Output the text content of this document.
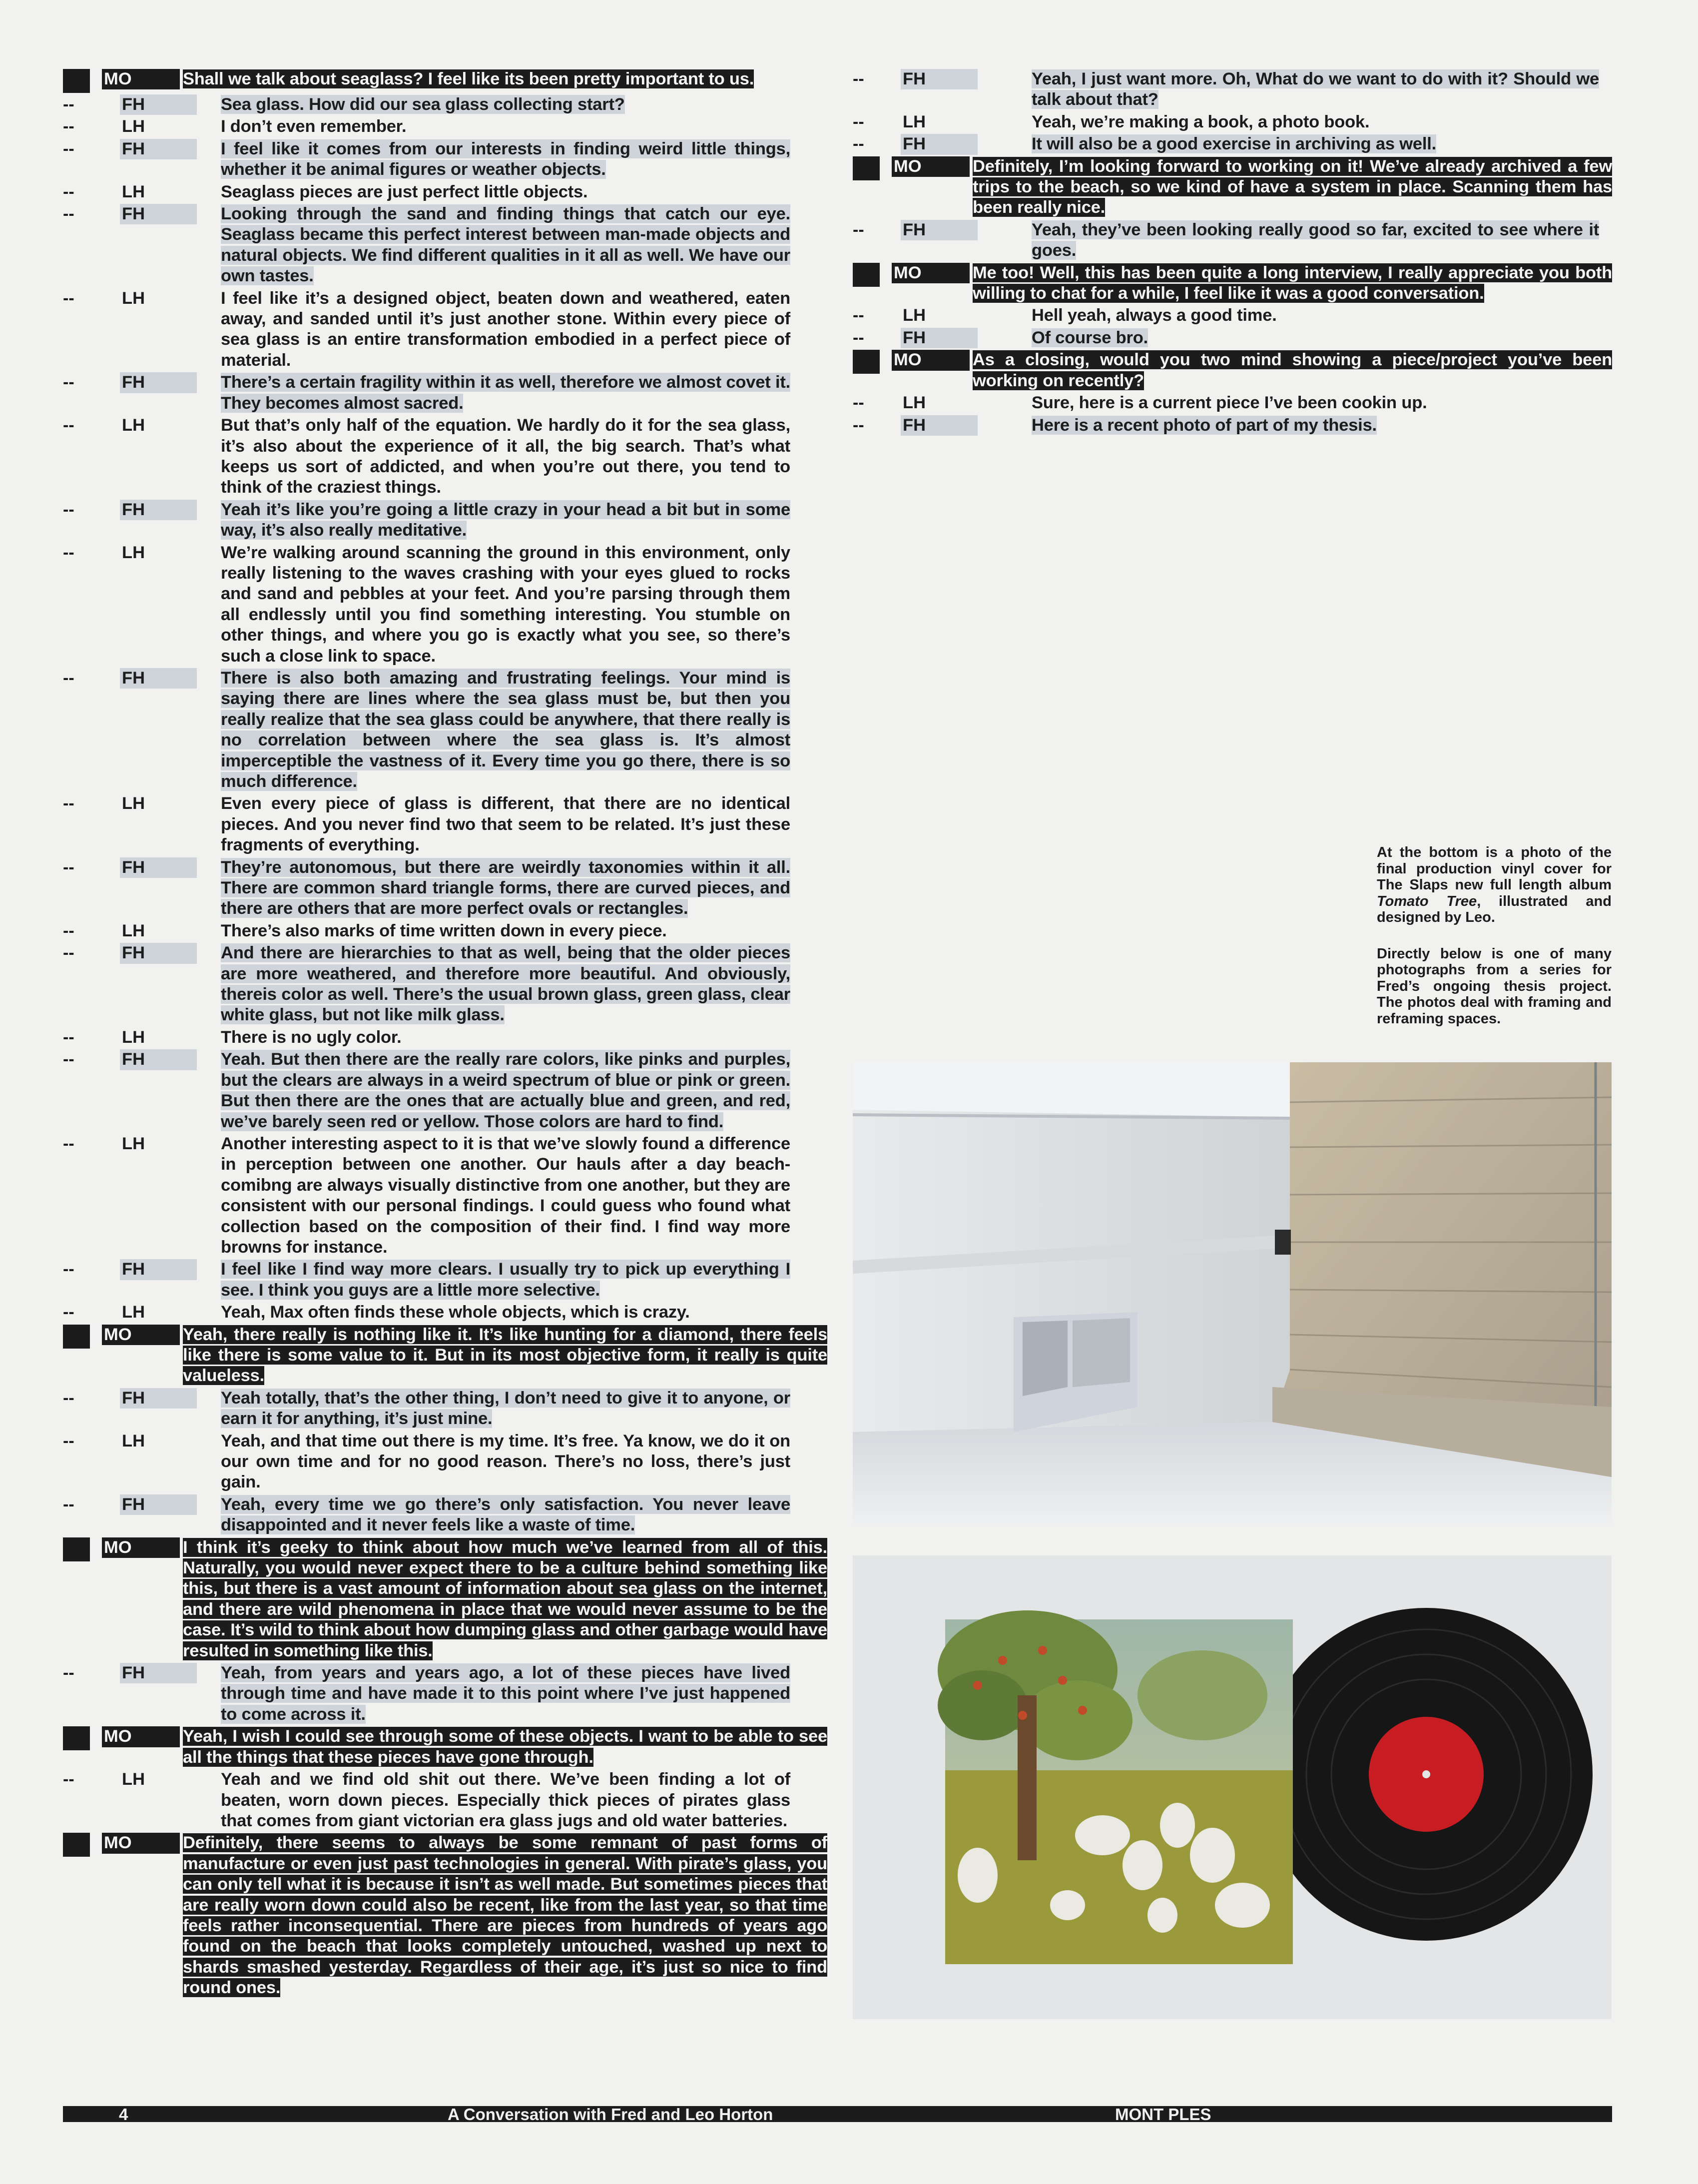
MO	Shall we talk about seaglass? I feel like its been pretty important to us.
--	FH	Sea glass. How did our sea glass collecting start?
--	LH	I don’t even remember.
--	FH	I feel like it comes from our interests in finding weird little things, whether it be animal figures or weather objects.
--	LH	Seaglass pieces are just perfect little objects.
--	FH	Looking through the sand and finding things that catch our eye. Seaglass became this perfect interest between man-made objects and natural objects. We find different qualities in it all as well. We have our own tastes.
--	LH	I feel like it’s a designed object, beaten down and weathered, eaten away, and sanded until it’s just another stone. Within every piece of sea glass is an entire transformation embodied in a perfect piece of material.
--	FH	There’s a certain fragility within it as well, therefore we almost covet it. They becomes almost sacred.
--	LH	But that’s only half of the equation. We hardly do it for the sea glass, it’s also about the experience of it all, the big search. That’s what keeps us sort of addicted, and when you’re out there, you tend to think of the craziest things.
--	FH	Yeah it’s like you’re going a little crazy in your head a bit but in some way, it’s also really meditative.
--	LH	We’re walking around scanning the ground in this environment, only really listening to the waves crashing with your eyes glued to rocks and sand and pebbles at your feet. And you’re parsing through them all endlessly until you find something interesting. You stumble on other things, and where you go is exactly what you see, so there’s such a close link to space.
--	FH	There is also both amazing and frustrating feelings. Your mind is saying there are lines where the sea glass must be, but then you really realize that the sea glass could be anywhere, that there really is no correlation between where the sea glass is. It’s almost imperceptible the vastness of it. Every time you go there, there is so much difference.
--	LH	Even every piece of glass is different, that there are no identical pieces. And you never find two that seem to be related. It’s just these fragments of everything.
--	FH	They’re autonomous, but there are weirdly taxonomies within it all. There are common shard triangle forms, there are curved pieces, and there are others that are more perfect ovals or rectangles.
--	LH	There’s also marks of time written down in every piece.
--	FH	And there are hierarchies to that as well, being that the older pieces are more weathered, and therefore more beautiful. And obviously, thereis color as well. There’s the usual brown glass, green glass, clear white glass, but not like milk glass.
--	LH	There is no ugly color.
--	FH	Yeah. But then there are the really rare colors, like pinks and purples, but the clears are always in a weird spectrum of blue or pink or green. But then there are the ones that are actually blue and green, and red, we’ve barely seen red or yellow. Those colors are hard to find.
--	LH	Another interesting aspect to it is that we’ve slowly found a difference in perception between one another. Our hauls after a day beach-comibng are always visually distinctive from one another, but they are consistent with our personal findings. I could guess who found what collection based on the composition of their find. I find way more browns for instance.
--	FH	I feel like I find way more clears. I usually try to pick up everything I see. I think you guys are a little more selective.
--	LH	Yeah, Max often finds these whole objects, which is crazy.
MO	Yeah, there really is nothing like it. It’s like hunting for a diamond, there feels like there is some value to it. But in its most objective form, it really is quite valueless.
--	FH	Yeah totally, that’s the other thing, I don’t need to give it to anyone, or earn it for anything, it’s just mine.
--	LH	Yeah, and that time out there is my time. It’s free. Ya know, we do it on our own time and for no good reason. There’s no loss, there’s just gain.
--	FH	Yeah, every time we go there’s only satisfaction. You never leave disappointed and it never feels like a waste of time.
MO	I think it’s geeky to think about how much we’ve learned from all of this. Naturally, you would never expect there to be a culture behind something like this, but there is a vast amount of information about sea glass on the internet, and there are wild phenomena in place that we would never assume to be the case. It’s wild to think about how dumping glass and other garbage would have resulted in something like this.
--	FH	Yeah, from years and years ago, a lot of these pieces have lived through time and have made it to this point where I’ve just happened to come across it.
MO	Yeah, I wish I could see through some of these objects. I want to be able to see all the things that these pieces have gone through.
--	LH	Yeah and we find old shit out there. We’ve been finding a lot of beaten, worn down pieces. Especially thick pieces of pirates glass that comes from giant victorian era glass jugs and old water batteries.
MO	Definitely, there seems to always be some remnant of past forms of manufacture or even just past technologies in general. With pirate’s glass, you can only tell what it is because it isn’t as well made. But sometimes pieces that are really worn down could also be recent, like from the last year, so that time feels rather inconsequential. There are pieces from hundreds of years ago found on the beach that looks completely untouched, washed up next to shards smashed yesterday. Regardless of their age, it’s just so nice to find round ones.
--	FH	Yeah, I just want more. Oh, What do we want to do with it? Should we talk about that?
--	LH	Yeah, we’re making a book, a photo book.
--	FH	It will also be a good exercise in archiving as well.
MO	Definitely, I’m looking forward to working on it! We’ve already archived a few trips to the beach, so we kind of have a system in place. Scanning them has been really nice.
--	FH	Yeah, they’ve been looking really good so far, excited to see where it goes.
MO	Me too! Well, this has been quite a long interview, I really appreciate you both willing to chat for a while, I feel like it was a good conversation.
--	LH	Hell yeah, always a good time.
--	FH	Of course bro.
MO	As a closing, would you two mind showing a piece/project you’ve been working on recently?
--	LH	Sure, here is a current piece I’ve been cookin up.
--	FH	Here is a recent photo of part of my thesis.

At the bottom is a photo of the final production vinyl cover for The Slaps new full length album Tomato Tree, illustrated and designed by Leo.

Directly below is one of many photographs from a series for Fred’s ongoing thesis project. The photos deal with framing and reframing spaces.

4	A Conversation with Fred and Leo Horton	MONT PLES
